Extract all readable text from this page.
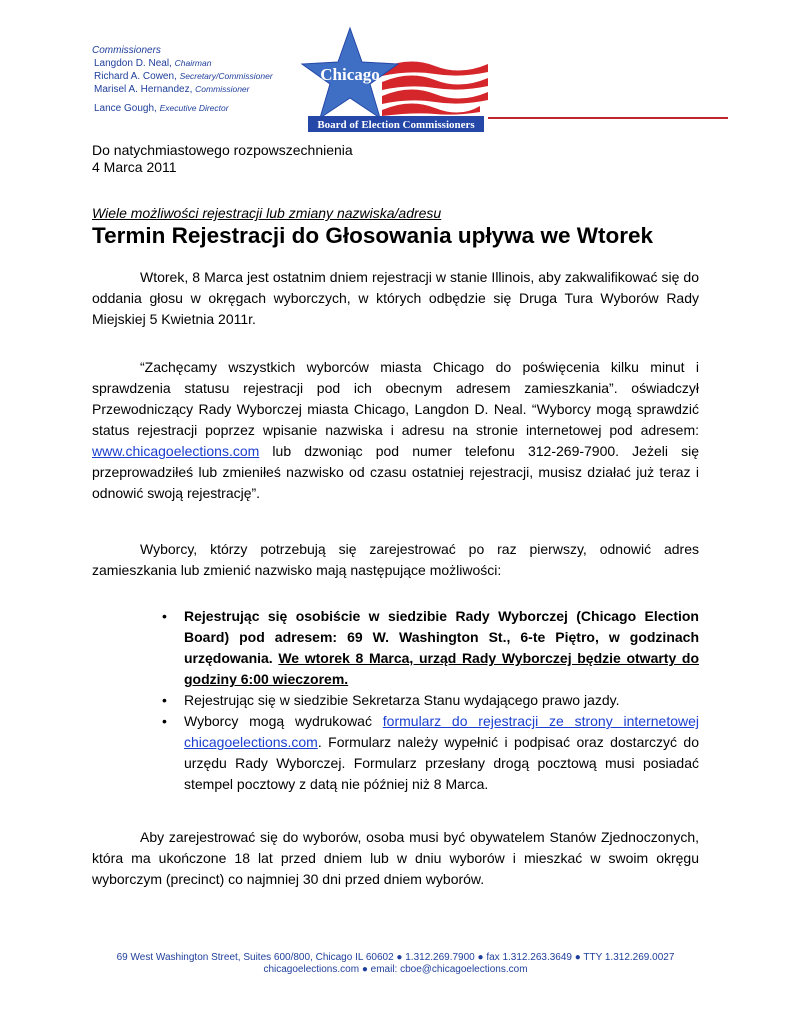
Commissioners
Langdon D. Neal, Chairman
Richard A. Cowen, Secretary/Commissioner
Marisel A. Hernandez, Commissioner
Lance Gough, Executive Director
Chicago
Board of Election Commissioners
Do natychmiastowego rozpowszechnienia
4 Marca 2011
Wiele możliwości rejestracji lub zmiany nazwiska/adresu
Termin Rejestracji do Głosowania upływa we Wtorek

Wtorek, 8 Marca jest ostatnim dniem rejestracji w stanie Illinois, aby zakwalifikować się do oddania głosu w okręgach wyborczych, w których odbędzie się Druga Tura Wyborów Rady Miejskiej 5 Kwietnia 2011r.

“Zachęcamy wszystkich wyborców miasta Chicago do poświęcenia kilku minut i sprawdzenia statusu rejestracji pod ich obecnym adresem zamieszkania”. oświadczył Przewodniczący Rady Wyborczej miasta Chicago, Langdon D. Neal. “Wyborcy mogą sprawdzić status rejestracji poprzez wpisanie nazwiska i adresu na stronie internetowej pod adresem: www.chicagoelections.com lub dzwoniąc pod numer telefonu 312-269-7900. Jeżeli się przeprowadziłeś lub zmieniłeś nazwisko od czasu ostatniej rejestracji, musisz działać już teraz i odnowić swoją rejestrację”.

Wyborcy, którzy potrzebują się zarejestrować po raz pierwszy, odnowić adres zamieszkania lub zmienić nazwisko mają następujące możliwości:

• Rejestrując się osobiście w siedzibie Rady Wyborczej (Chicago Election Board) pod adresem: 69 W. Washington St., 6-te Piętro, w godzinach urzędowania. We wtorek 8 Marca, urząd Rady Wyborczej będzie otwarty do godziny 6:00 wieczorem.
• Rejestrując się w siedzibie Sekretarza Stanu wydającego prawo jazdy.
• Wyborcy mogą wydrukować formularz do rejestracji ze strony internetowej chicagoelections.com. Formularz należy wypełnić i podpisać oraz dostarczyć do urzędu Rady Wyborczej. Formularz przesłany drogą pocztową musi posiadać stempel pocztowy z datą nie później niż 8 Marca.

Aby zarejestrować się do wyborów, osoba musi być obywatelem Stanów Zjednoczonych, która ma ukończone 18 lat przed dniem lub w dniu wyborów i mieszkać w swoim okręgu wyborczym (precinct) co najmniej 30 dni przed dniem wyborów.

69 West Washington Street, Suites 600/800, Chicago IL 60602 ● 1.312.269.7900 ● fax 1.312.263.3649 ● TTY 1.312.269.0027
chicagoelections.com ● email: cboe@chicagoelections.com
